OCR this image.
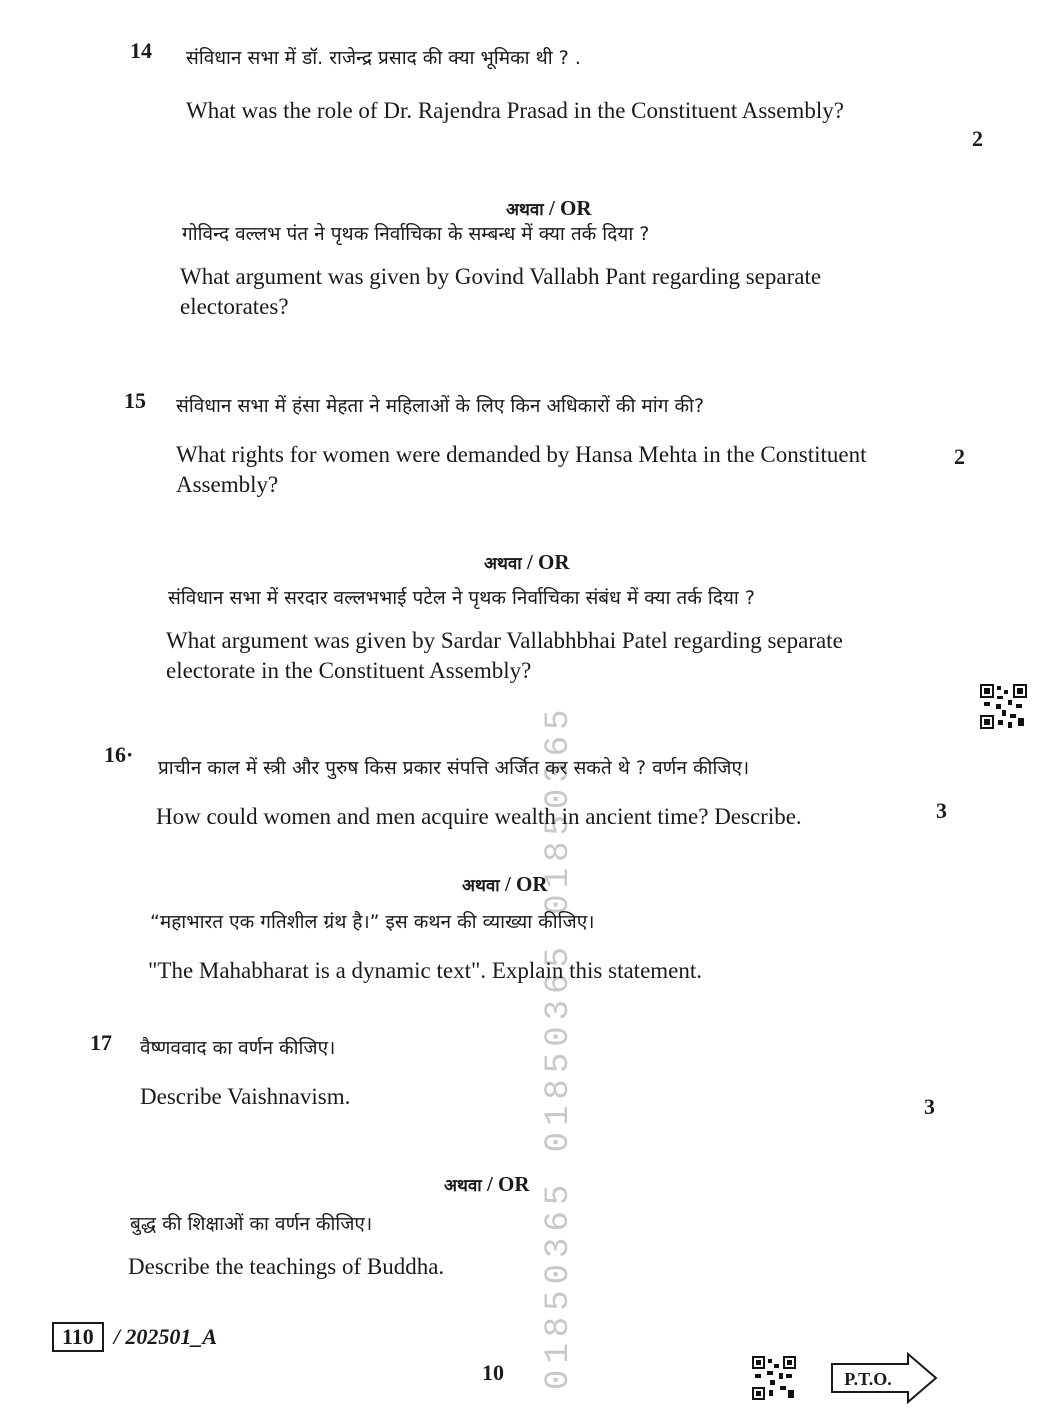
01850365 01850365 01850365
14 संविधान सभा में डॉ. राजेन्द्र प्रसाद की क्या भूमिका थी ? .
What was the role of Dr. Rajendra Prasad in the Constituent Assembly?
2
अथवा / OR
गोविन्द वल्लभ पंत ने पृथक निर्वाचिका के सम्बन्ध में क्या तर्क दिया ?
What argument was given by Govind Vallabh Pant regarding separate electorates?
15 संविधान सभा में हंसा मेहता ने महिलाओं के लिए किन अधिकारों की मांग की?
What rights for women were demanded by Hansa Mehta in the Constituent Assembly?
2
अथवा / OR
संविधान सभा में सरदार वल्लभभाई पटेल ने पृथक निर्वाचिका संबंध में क्या तर्क दिया ?
What argument was given by Sardar Vallabhbhai Patel regarding separate electorate in the Constituent Assembly?
16·
प्राचीन काल में स्त्री और पुरुष किस प्रकार संपत्ति अर्जित कर सकते थे ? वर्णन कीजिए।
How could women and men acquire wealth in ancient time? Describe.	3
अथवा / OR
“महाभारत एक गतिशील ग्रंथ है।” इस कथन की व्याख्या कीजिए।
"The Mahabharat is a dynamic text". Explain this statement.
17 वैष्णववाद का वर्णन कीजिए।
Describe Vaishnavism.	3
अथवा / OR
बुद्ध की शिक्षाओं का वर्णन कीजिए।
Describe the teachings of Buddha.
110 / 202501_A
10	P.T.O.
